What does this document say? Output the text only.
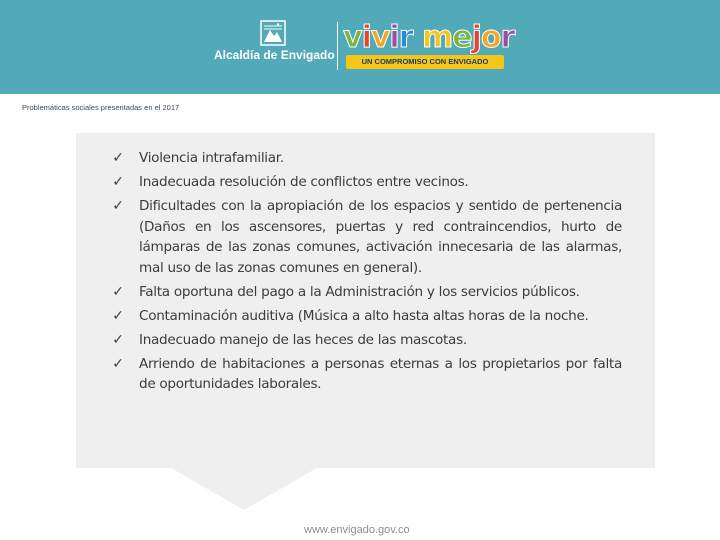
Alcaldía de Envigado vivir mejor
UN COMPROMISO CON ENVIGADO
Problemáticas sociales presentadas en el 2017
✓ Violencia intrafamiliar.
✓ Inadecuada resolución de conflictos entre vecinos.
✓ Dificultades con la apropiación de los espacios y sentido de pertenencia (Daños en los ascensores, puertas y red contraincendios, hurto de lámparas de las zonas comunes, activación innecesaria de las alarmas, mal uso de las zonas comunes en general).
✓ Falta oportuna del pago a la Administración y los servicios públicos.
✓ Contaminación auditiva (Música a alto hasta altas horas de la noche.
✓ Inadecuado manejo de las heces de las mascotas.
✓ Arriendo de habitaciones a personas eternas a los propietarios por falta de oportunidades laborales.
www.envigado.gov.co
